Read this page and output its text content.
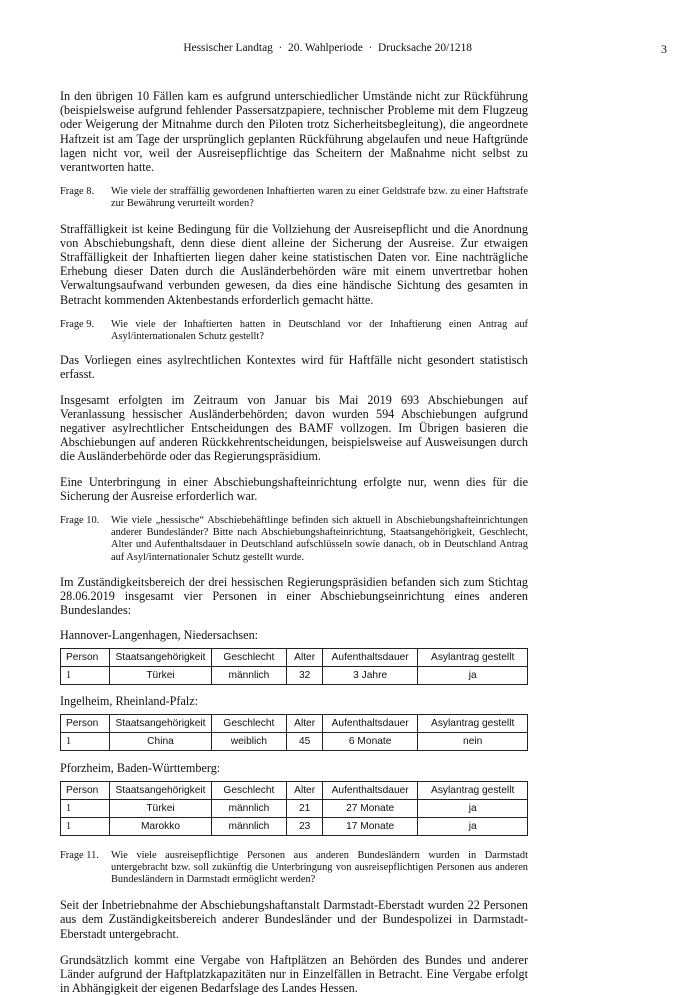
Hessischer Landtag · 20. Wahlperiode · Drucksache 20/1218	3

In den übrigen 10 Fällen kam es aufgrund unterschiedlicher Umstände nicht zur Rückführung (beispielsweise aufgrund fehlender Passersatzpapiere, technischer Probleme mit dem Flugzeug oder Weigerung der Mitnahme durch den Piloten trotz Sicherheitsbegleitung), die angeordnete Haftzeit ist am Tage der ursprünglich geplanten Rückführung abgelaufen und neue Haftgründe lagen nicht vor, weil der Ausreisepflichtige das Scheitern der Maßnahme nicht selbst zu verantworten hatte.

Frage 8.	Wie viele der straffällig gewordenen Inhaftierten waren zu einer Geldstrafe bzw. zu einer Haftstrafe zur Bewährung verurteilt worden?

Straffälligkeit ist keine Bedingung für die Vollziehung der Ausreisepflicht und die Anordnung von Abschiebungshaft, denn diese dient alleine der Sicherung der Ausreise. Zur etwaigen Straffälligkeit der Inhaftierten liegen daher keine statistischen Daten vor. Eine nachträgliche Erhebung dieser Daten durch die Ausländerbehörden wäre mit einem unvertretbar hohen Verwaltungsaufwand verbunden gewesen, da dies eine händische Sichtung des gesamten in Betracht kommenden Aktenbestands erforderlich gemacht hätte.

Frage 9.	Wie viele der Inhaftierten hatten in Deutschland vor der Inhaftierung einen Antrag auf Asyl/internationalen Schutz gestellt?

Das Vorliegen eines asylrechtlichen Kontextes wird für Haftfälle nicht gesondert statistisch erfasst.

Insgesamt erfolgten im Zeitraum von Januar bis Mai 2019 693 Abschiebungen auf Veranlassung hessischer Ausländerbehörden; davon wurden 594 Abschiebungen aufgrund negativer asylrechtlicher Entscheidungen des BAMF vollzogen. Im Übrigen basieren die Abschiebungen auf anderen Rückkehrentscheidungen, beispielsweise auf Ausweisungen durch die Ausländerbehörde oder das Regierungspräsidium.

Eine Unterbringung in einer Abschiebungshafteinrichtung erfolgte nur, wenn dies für die Sicherung der Ausreise erforderlich war.

Frage 10.	Wie viele „hessische“ Abschiebehäftlinge befinden sich aktuell in Abschiebungshafteinrichtungen anderer Bundesländer? Bitte nach Abschiebungshafteinrichtung, Staatsangehörigkeit, Geschlecht, Alter und Aufenthaltsdauer in Deutschland aufschlüsseln sowie danach, ob in Deutschland Antrag auf Asyl/internationaler Schutz gestellt wurde.

Im Zuständigkeitsbereich der drei hessischen Regierungspräsidien befanden sich zum Stichtag 28.06.2019 insgesamt vier Personen in einer Abschiebungseinrichtung eines anderen Bundeslandes:

Hannover-Langenhagen, Niedersachsen:

Person	Staatsangehörigkeit	Geschlecht	Alter	Aufenthaltsdauer	Asylantrag gestellt
1	Türkei	männlich	32	3 Jahre	ja

Ingelheim, Rheinland-Pfalz:

Person	Staatsangehörigkeit	Geschlecht	Alter	Aufenthaltsdauer	Asylantrag gestellt
1	China	weiblich	45	6 Monate	nein

Pforzheim, Baden-Württemberg:

Person	Staatsangehörigkeit	Geschlecht	Alter	Aufenthaltsdauer	Asylantrag gestellt
1	Türkei	männlich	21	27 Monate	ja
1	Marokko	männlich	23	17 Monate	ja
Frage 11.	Wie viele ausreisepflichtige Personen aus anderen Bundesländern wurden in Darmstadt untergebracht bzw. soll zukünftig die Unterbringung von ausreisepflichtigen Personen aus anderen Bundesländern in Darmstadt ermöglicht werden?

Seit der Inbetriebnahme der Abschiebungshaftanstalt Darmstadt-Eberstadt wurden 22 Personen aus dem Zuständigkeitsbereich anderer Bundesländer und der Bundespolizei in Darmstadt-Eberstadt untergebracht.

Grundsätzlich kommt eine Vergabe von Haftplätzen an Behörden des Bundes und anderer Länder aufgrund der Haftplatzkapazitäten nur in Einzelfällen in Betracht. Eine Vergabe erfolgt in Abhängigkeit der eigenen Bedarfslage des Landes Hessen.
